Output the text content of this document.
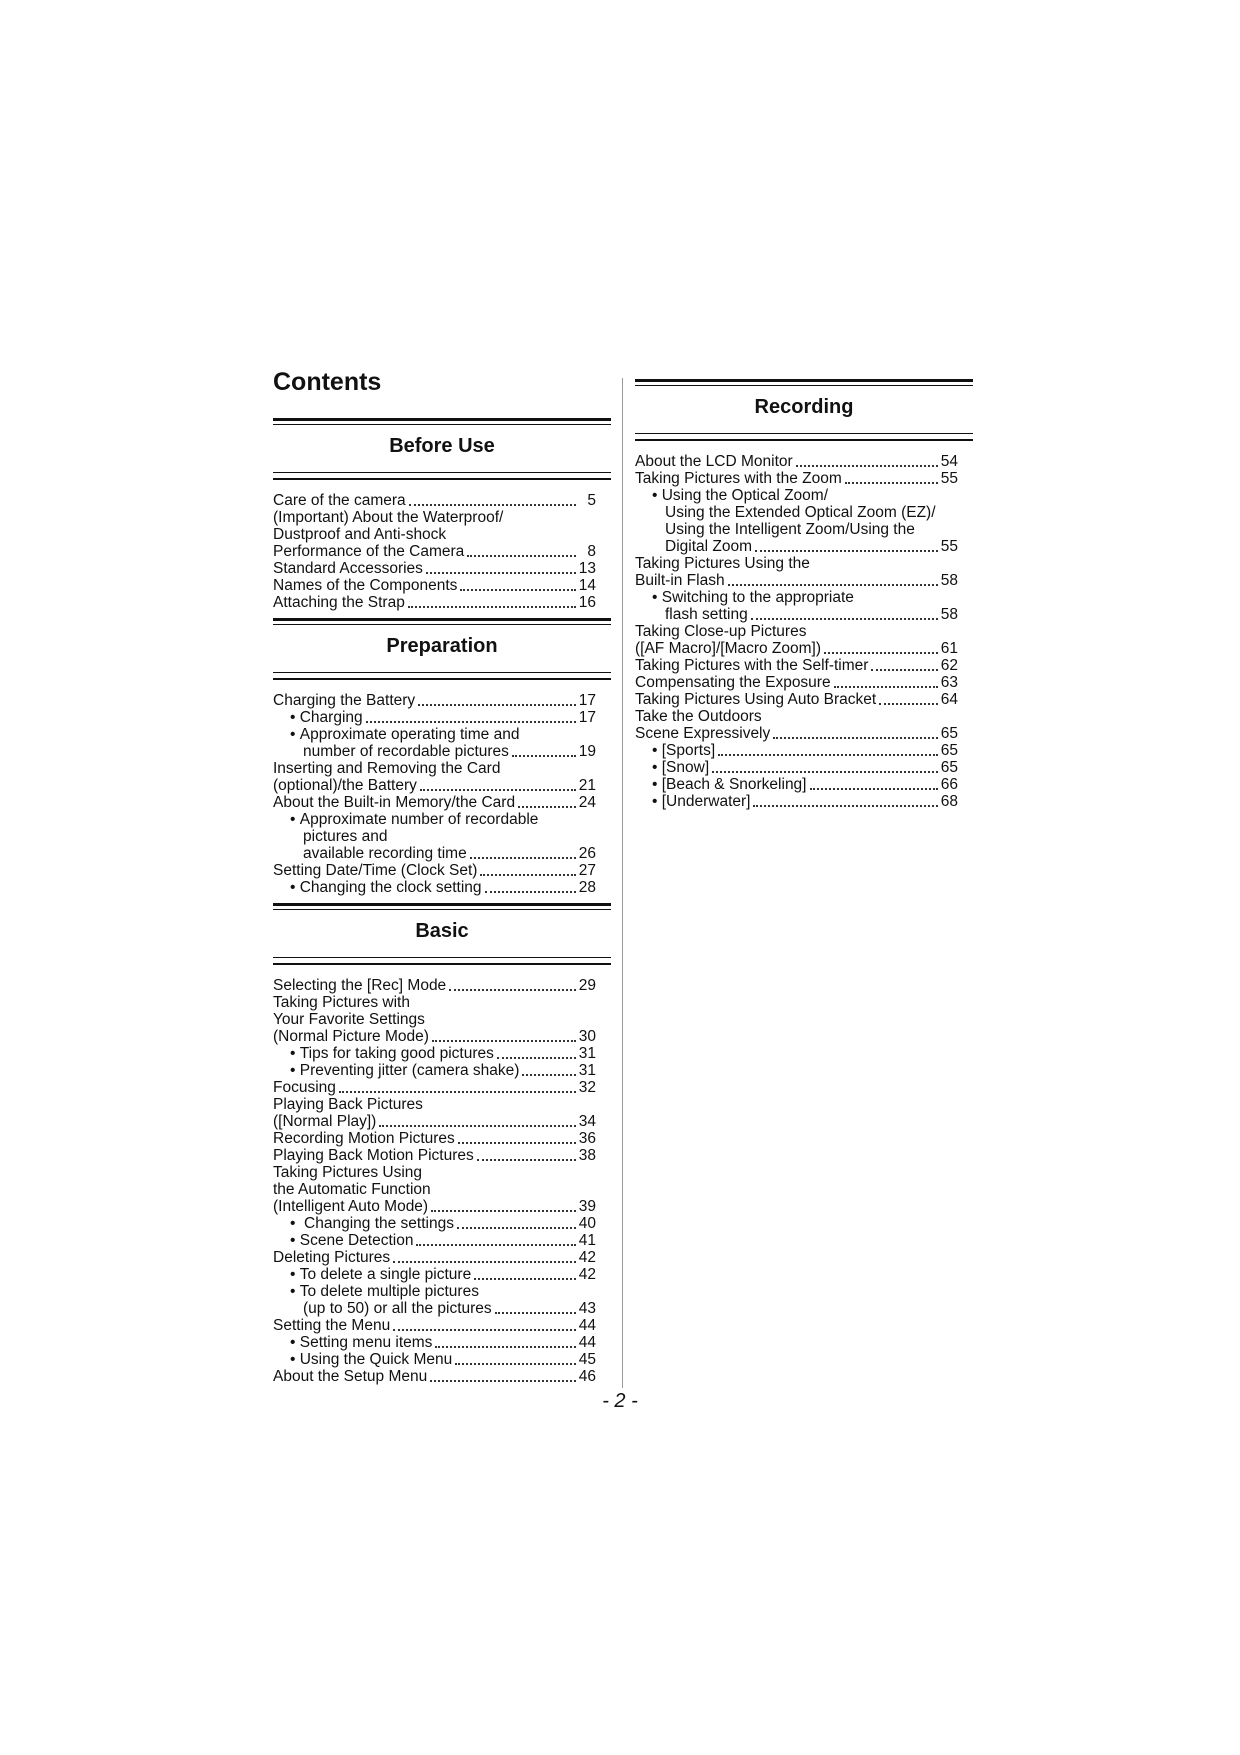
Contents
Before Use
Care of the camera	5
(Important) About the Waterproof/
Dustproof and Anti-shock
Performance of the Camera	8
Standard Accessories	13
Names of the Components	14
Attaching the Strap	16
Preparation
Charging the Battery	17
• Charging	17
• Approximate operating time and
number of recordable pictures	19
Inserting and Removing the Card
(optional)/the Battery	21
About the Built-in Memory/the Card	24
• Approximate number of recordable
pictures and
available recording time	26
Setting Date/Time (Clock Set)	27
• Changing the clock setting	28
Basic
Selecting the [Rec] Mode	29
Taking Pictures with
Your Favorite Settings
(Normal Picture Mode)	30
• Tips for taking good pictures	31
• Preventing jitter (camera shake)	31
Focusing	32
Playing Back Pictures
([Normal Play])	34
Recording Motion Pictures	36
Playing Back Motion Pictures	38
Taking Pictures Using
the Automatic Function
(Intelligent Auto Mode)	39
•  Changing the settings	40
• Scene Detection	41
Deleting Pictures	42
• To delete a single picture	42
• To delete multiple pictures
(up to 50) or all the pictures	43
Setting the Menu	44
• Setting menu items	44
• Using the Quick Menu	45
About the Setup Menu	46
Recording
About the LCD Monitor	54
Taking Pictures with the Zoom	55
• Using the Optical Zoom/
Using the Extended Optical Zoom (EZ)/
Using the Intelligent Zoom/Using the
Digital Zoom	55
Taking Pictures Using the
Built-in Flash	58
• Switching to the appropriate
flash setting	58
Taking Close-up Pictures
([AF Macro]/[Macro Zoom])	61
Taking Pictures with the Self-timer	62
Compensating the Exposure	63
Taking Pictures Using Auto Bracket	64
Take the Outdoors
Scene Expressively	65
• [Sports]	65
• [Snow]	65
• [Beach & Snorkeling]	66
• [Underwater]	68
- 2 -
